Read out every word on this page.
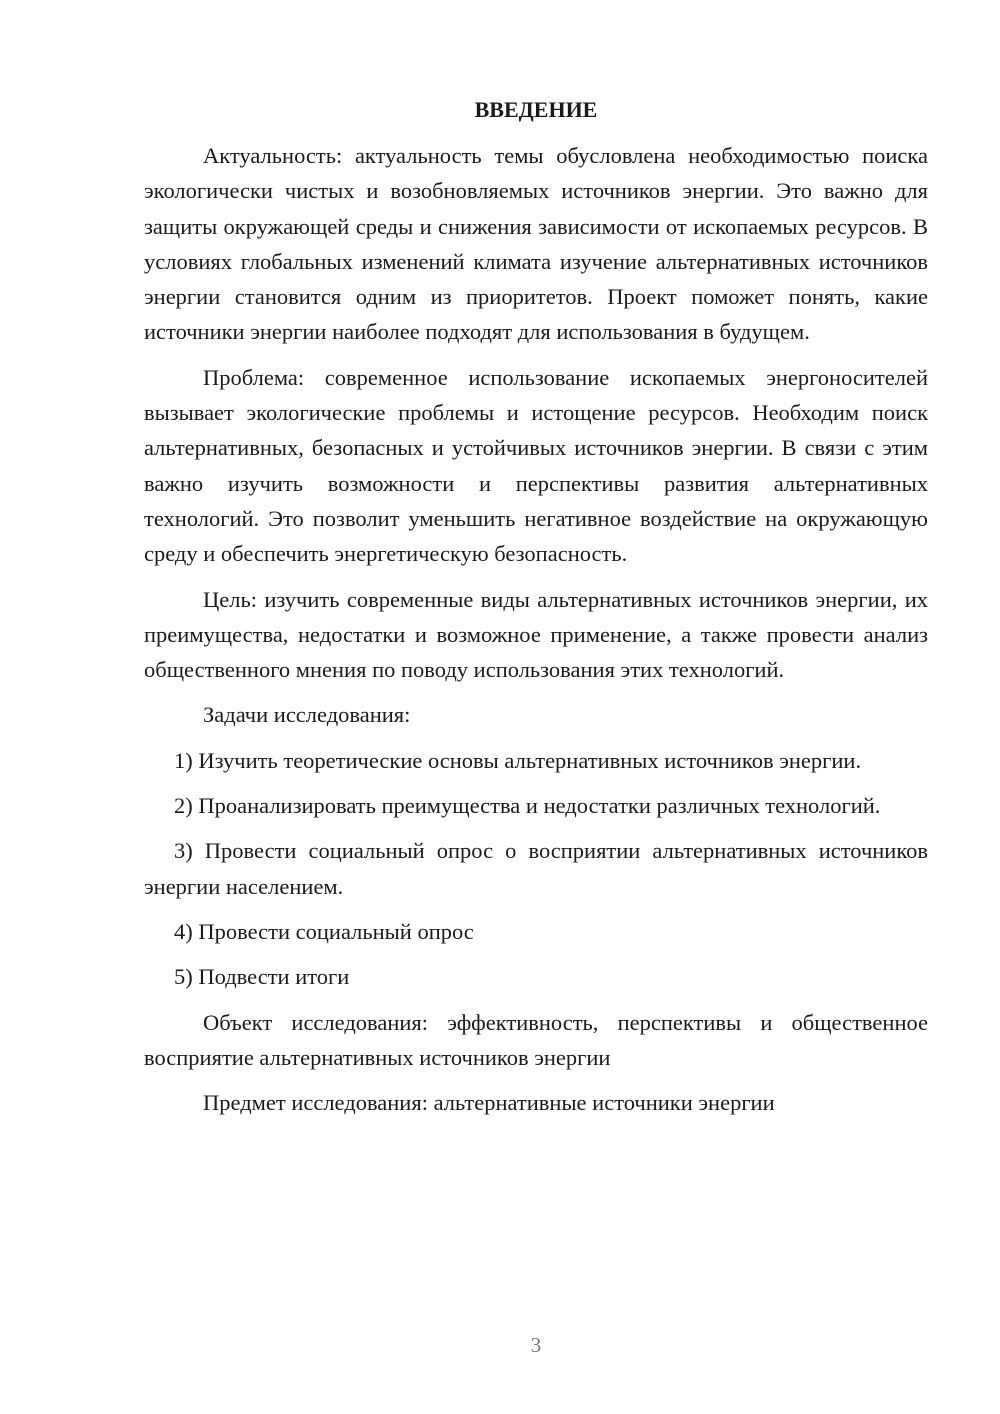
ВВЕДЕНИЕ

Актуальность: актуальность темы обусловлена необходимостью поиска экологически чистых и возобновляемых источников энергии. Это важно для защиты окружающей среды и снижения зависимости от ископаемых ресурсов. В условиях глобальных изменений климата изучение альтернативных источников энергии становится одним из приоритетов. Проект поможет понять, какие источники энергии наиболее подходят для использования в будущем.

Проблема: современное использование ископаемых энергоносителей вызывает экологические проблемы и истощение ресурсов. Необходим поиск альтернативных, безопасных и устойчивых источников энергии. В связи с этим важно изучить возможности и перспективы развития альтернативных технологий. Это позволит уменьшить негативное воздействие на окружающую среду и обеспечить энергетическую безопасность.

Цель: изучить современные виды альтернативных источников энергии, их преимущества, недостатки и возможное применение, а также провести анализ общественного мнения по поводу использования этих технологий.

Задачи исследования:

1) Изучить теоретические основы альтернативных источников энергии.

2) Проанализировать преимущества и недостатки различных технологий.

3) Провести социальный опрос о восприятии альтернативных источников энергии населением.

4) Провести социальный опрос

5) Подвести итоги

Объект исследования: эффективность, перспективы и общественное восприятие альтернативных источников энергии

Предмет исследования: альтернативные источники энергии

3
